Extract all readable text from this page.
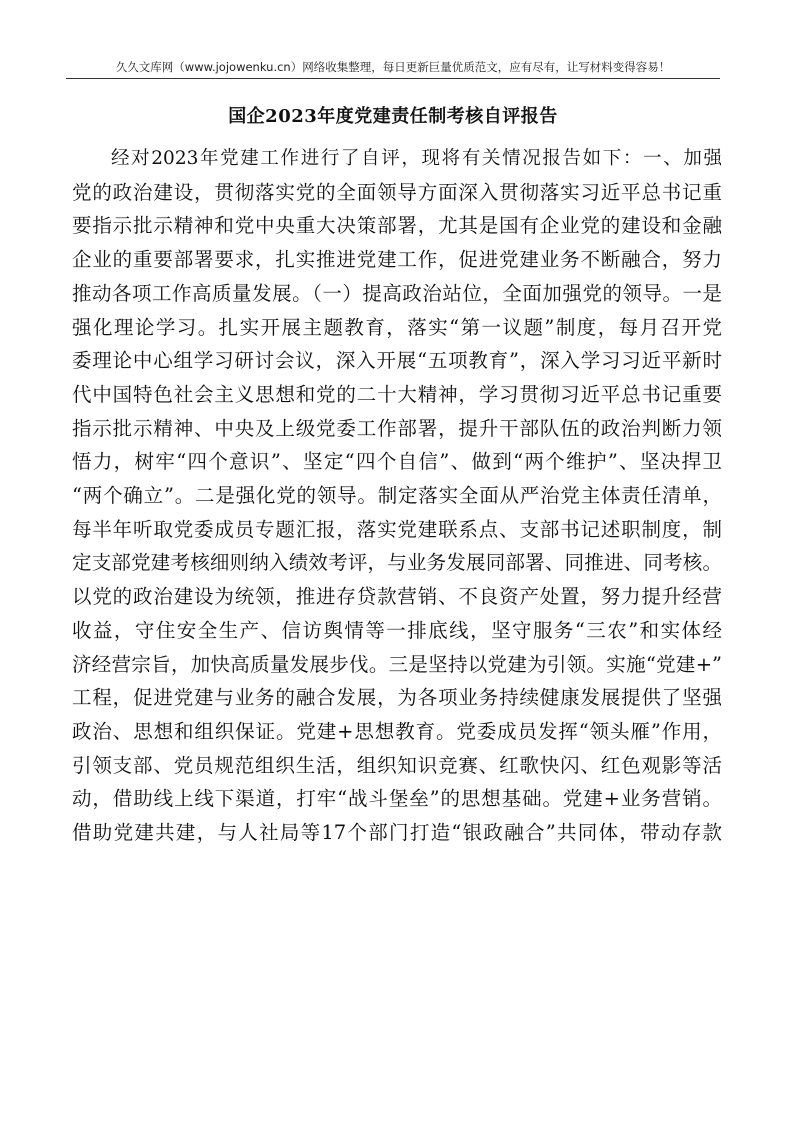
久久文库网（www.jojowenku.cn）网络收集整理，每日更新巨量优质范文，应有尽有，让写材料变得容易！
国企2023年度党建责任制考核自评报告
经对2023年党建工作进行了自评，现将有关情况报告如下：一、加强
党的政治建设，贯彻落实党的全面领导方面深入贯彻落实习近平总书记重
要指示批示精神和党中央重大决策部署，尤其是国有企业党的建设和金融
企业的重要部署要求，扎实推进党建工作，促进党建业务不断融合，努力
推动各项工作高质量发展。（一）提高政治站位，全面加强党的领导。一是
强化理论学习。扎实开展主题教育，落实“第一议题”制度，每月召开党
委理论中心组学习研讨会议，深入开展“五项教育”，深入学习习近平新时
代中国特色社会主义思想和党的二十大精神，学习贯彻习近平总书记重要
指示批示精神、中央及上级党委工作部署，提升干部队伍的政治判断力领
悟力，树牢“四个意识”、坚定“四个自信”、做到“两个维护”、坚决捍卫
“两个确立”。二是强化党的领导。制定落实全面从严治党主体责任清单，
每半年听取党委成员专题汇报，落实党建联系点、支部书记述职制度，制
定支部党建考核细则纳入绩效考评，与业务发展同部署、同推进、同考核。
以党的政治建设为统领，推进存贷款营销、不良资产处置，努力提升经营
收益，守住安全生产、信访舆情等一排底线，坚守服务“三农”和实体经
济经营宗旨，加快高质量发展步伐。三是坚持以党建为引领。实施“党建+”
工程，促进党建与业务的融合发展，为各项业务持续健康发展提供了坚强
政治、思想和组织保证。党建+思想教育。党委成员发挥“领头雁”作用，
引领支部、党员规范组织生活，组织知识竞赛、红歌快闪、红色观影等活
动，借助线上线下渠道，打牢“战斗堡垒”的思想基础。党建+业务营销。
借助党建共建，与人社局等17个部门打造“银政融合”共同体，带动存款
